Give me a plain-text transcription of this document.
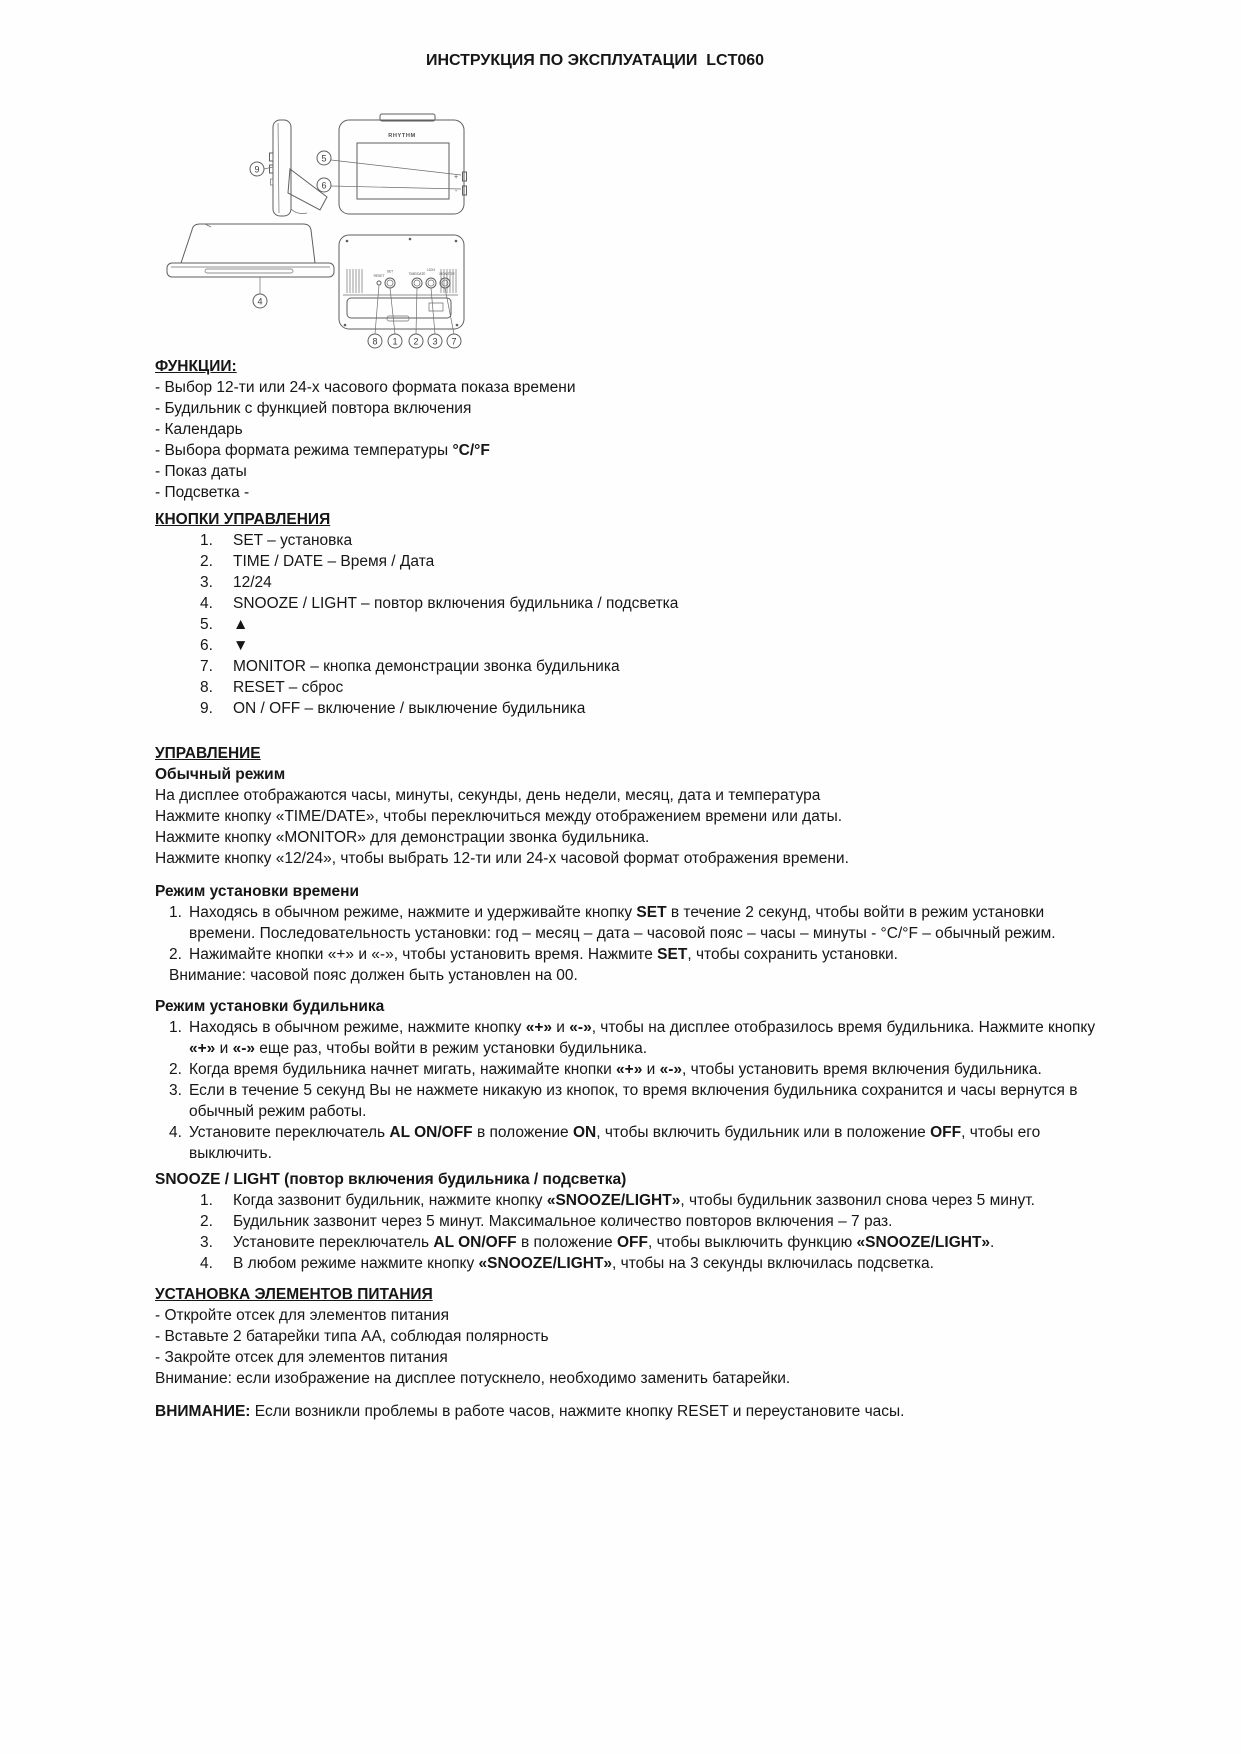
ИНСТРУКЦИЯ ПО ЭКСПЛУАТАЦИИ  LCT060
9
RHYTHM
+
-
5
6
4
RESET
SET
TIME/DATE
12/24
MONITOR
8 1 2 3 7
ФУНКЦИИ:
- Выбор 12-ти или 24-х часового формата показа времени
- Будильник с функцией повтора включения
- Календарь
- Выбора формата режима температуры °C/°F
- Показ даты
- Подсветка -
КНОПКИ УПРАВЛЕНИЯ
1.	SET – установка
2.	TIME / DATE – Время / Дата
3.	12/24
4.	SNOOZE / LIGHT – повтор включения будильника / подсветка
5.	▲
6.	▼
7.	MONITOR – кнопка демонстрации звонка будильника
8.	RESET – сброс
9.	ON / OFF – включение / выключение будильника
УПРАВЛЕНИЕ
Обычный режим
На дисплее отображаются часы, минуты, секунды, день недели, месяц, дата и температура
Нажмите кнопку «TIME/DATE», чтобы переключиться между отображением времени или даты.
Нажмите кнопку «MONITOR» для демонстрации звонка будильника.
Нажмите кнопку «12/24», чтобы выбрать 12-ти или 24-х часовой формат отображения времени.
Режим установки времени
1. Находясь в обычном режиме, нажмите и удерживайте кнопку SET в течение 2 секунд, чтобы войти в режим установки времени. Последовательность установки: год – месяц – дата – часовой пояс – часы – минуты - °C/°F – обычный режим.
2. Нажимайте кнопки «+» и «-», чтобы установить время. Нажмите SET, чтобы сохранить установки.
Внимание: часовой пояс должен быть установлен на 00.
Режим установки будильника
1. Находясь в обычном режиме, нажмите кнопку «+» и «-», чтобы на дисплее отобразилось время будильника. Нажмите кнопку «+» и «-» еще раз, чтобы войти в режим установки будильника.
2. Когда время будильника начнет мигать, нажимайте кнопки «+» и «-», чтобы установить время включения будильника.
3. Если в течение 5 секунд Вы не нажмете никакую из кнопок, то время включения будильника сохранится и часы вернутся в обычный режим работы.
4. Установите переключатель AL ON/OFF в положение ON, чтобы включить будильник или в положение OFF, чтобы его выключить.
SNOOZE / LIGHT (повтор включения будильника / подсветка)
1.	Когда зазвонит будильник, нажмите кнопку «SNOOZE/LIGHT», чтобы будильник зазвонил снова через 5 минут.
2.	Будильник зазвонит через 5 минут. Максимальное количество повторов включения – 7 раз.
3.	Установите переключатель AL ON/OFF в положение OFF, чтобы выключить функцию «SNOOZE/LIGHT».
4.	В любом режиме нажмите кнопку «SNOOZE/LIGHT», чтобы на 3 секунды включилась подсветка.
УСТАНОВКА ЭЛЕМЕНТОВ ПИТАНИЯ
- Откройте отсек для элементов питания
- Вставьте 2 батарейки типа АА, соблюдая полярность
- Закройте отсек для элементов питания
Внимание: если изображение на дисплее потускнело, необходимо заменить батарейки.
ВНИМАНИЕ: Если возникли проблемы в работе часов, нажмите кнопку RESET и переустановите часы.
